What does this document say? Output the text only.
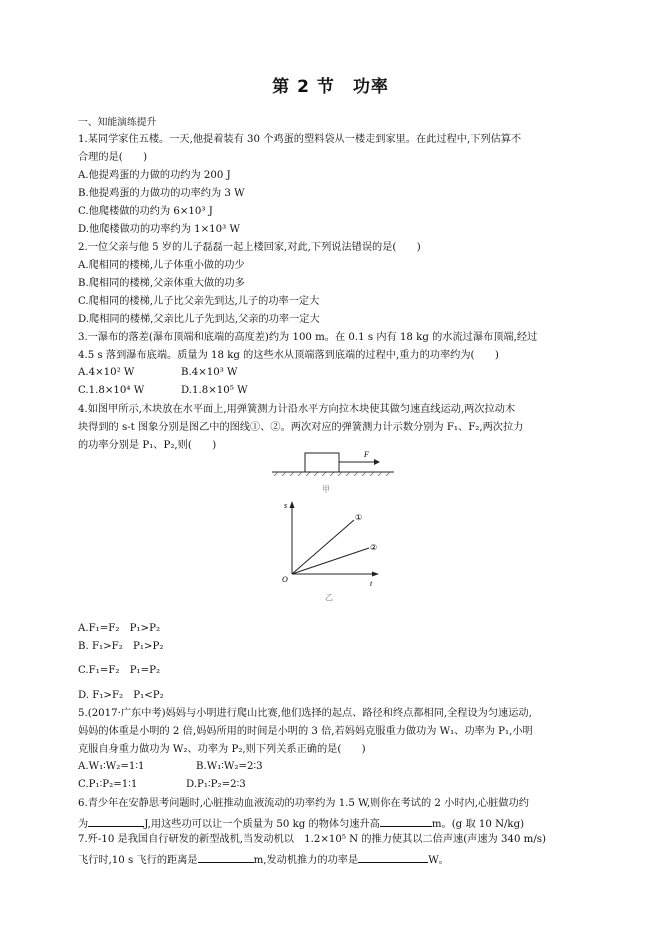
第 2 节　功率
一、知能演练提升
1.某同学家住五楼。一天,他提着装有 30 个鸡蛋的塑料袋从一楼走到家里。在此过程中,下列估算不
合理的是(　　)
A.他提鸡蛋的力做的功约为 200 J
B.他提鸡蛋的力做功的功率约为 3 W
C.他爬楼做的功约为 6×10³ J
D.他爬楼做功的功率约为 1×10³ W
2.一位父亲与他 5 岁的儿子磊磊一起上楼回家,对此,下列说法错误的是(　　)
A.爬相同的楼梯,儿子体重小做的功少
B.爬相同的楼梯,父亲体重大做的功多
C.爬相同的楼梯,儿子比父亲先到达,儿子的功率一定大
D.爬相同的楼梯,父亲比儿子先到达,父亲的功率一定大
3.一瀑布的落差(瀑布顶端和底端的高度差)约为 100 m。在 0.1 s 内有 18 kg 的水流过瀑布顶端,经过
4.5 s 落到瀑布底端。质量为 18 kg 的这些水从顶端落到底端的过程中,重力的功率约为(　　)
A.4×10² W	B.4×10³ W
C.1.8×10⁴ W	D.1.8×10⁵ W
4.如图甲所示,木块放在水平面上,用弹簧测力计沿水平方向拉木块使其做匀速直线运动,两次拉动木
块得到的 s-t 图象分别是图乙中的图线①、②。两次对应的弹簧测力计示数分别为 F₁、F₂,两次拉力
的功率分别是 P₁、P₂,则(　　)
F
甲
s
t
O
①
②
乙
A.F₁=F₂　P₁>P₂
B. F₁>F₂　P₁>P₂
C.F₁=F₂　P₁=P₂
D. F₁>F₂　P₁<P₂
5.(2017·广东中考)妈妈与小明进行爬山比赛,他们选择的起点、路径和终点都相同,全程设为匀速运动,
妈妈的体重是小明的 2 倍,妈妈所用的时间是小明的 3 倍,若妈妈克服重力做功为 W₁、功率为 P₁,小明
克服自身重力做功为 W₂、功率为 P₂,则下列关系正确的是(　　)
A.W₁∶W₂=1∶1	B.W₁∶W₂=2∶3
C.P₁∶P₂=1∶1	D.P₁∶P₂=2∶3
6.青少年在安静思考问题时,心脏推动血液流动的功率约为 1.5 W,则你在考试的 2 小时内,心脏做功约
为	J,用这些功可以让一个质量为 50 kg 的物体匀速升高	m。(g 取 10 N/kg)
7.歼-10 是我国自行研发的新型战机,当发动机以　1.2×10⁵ N 的推力使其以二倍声速(声速为 340 m/s)
飞行时,10 s 飞行的距离是	m,发动机推力的功率是	W。
